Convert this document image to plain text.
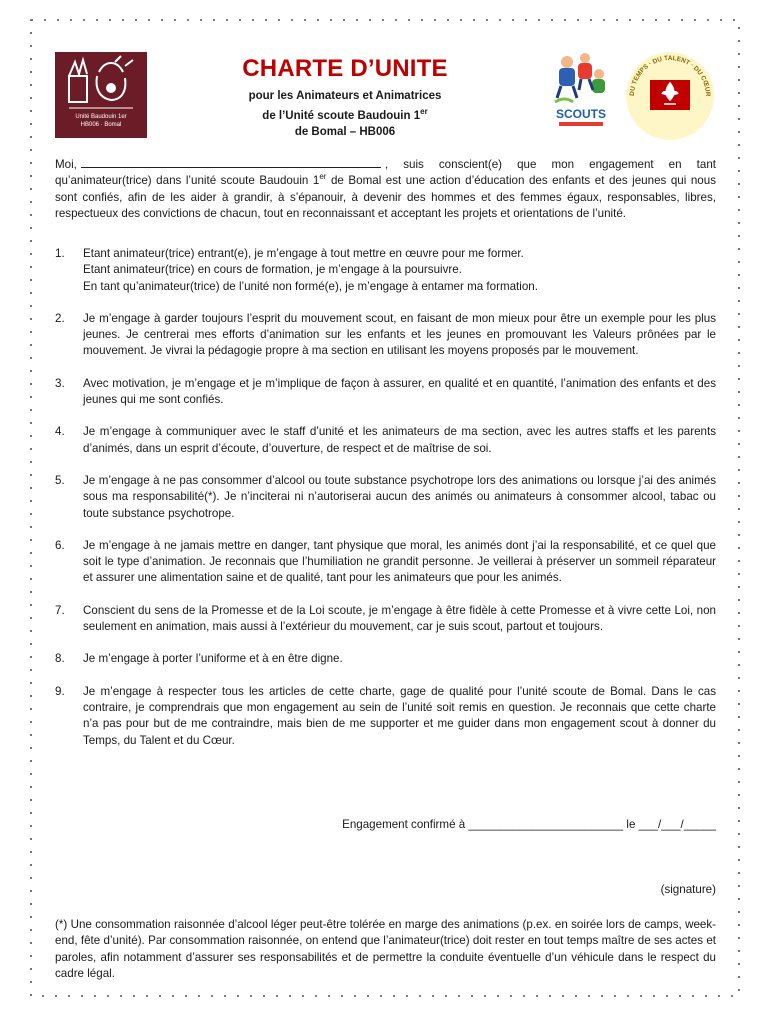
Unité Baudouin 1er
HB006 · Bomal
CHARTE D’UNITE
pour les Animateurs et Animatrices
de l’Unité scoute Baudouin 1er
de Bomal – HB006
SCOUTS
DU TEMPS · DU TALENT · DU CŒUR
Moi,	, suis conscient(e) que mon engagement en tant qu’animateur(trice) dans l’unité scoute Baudouin 1er de Bomal est une action d’éducation des enfants et des jeunes qui nous sont confiés, afin de les aider à grandir, à s’épanouir, à devenir des hommes et des femmes égaux, responsables, libres, respectueux des convictions de chacun, tout en reconnaissant et acceptant les projets et orientations de l’unité.
1. Etant animateur(trice) entrant(e), je m’engage à tout mettre en œuvre pour me former.
Etant animateur(trice) en cours de formation, je m’engage à la poursuivre.
En tant qu’animateur(trice) de l’unité non formé(e), je m’engage à entamer ma formation.
2. Je m’engage à garder toujours l’esprit du mouvement scout, en faisant de mon mieux pour être un exemple pour les plus jeunes. Je centrerai mes efforts d’animation sur les enfants et les jeunes en promouvant les Valeurs prônées par le mouvement. Je vivrai la pédagogie propre à ma section en utilisant les moyens proposés par le mouvement.
3. Avec motivation, je m’engage et je m’implique de façon à assurer, en qualité et en quantité, l’animation des enfants et des jeunes qui me sont confiés.
4. Je m’engage à communiquer avec le staff d’unité et les animateurs de ma section, avec les autres staffs et les parents d’animés, dans un esprit d’écoute, d’ouverture, de respect et de maîtrise de soi.
5. Je m’engage à ne pas consommer d’alcool ou toute substance psychotrope lors des animations ou lorsque j’ai des animés sous ma responsabilité(*). Je n’inciterai ni n’autoriserai aucun des animés ou animateurs à consommer alcool, tabac ou toute substance psychotrope.
6. Je m’engage à ne jamais mettre en danger, tant physique que moral, les animés dont j’ai la responsabilité, et ce quel que soit le type d’animation. Je reconnais que l’humiliation ne grandit personne. Je veillerai à préserver un sommeil réparateur et assurer une alimentation saine et de qualité, tant pour les animateurs que pour les animés.
7. Conscient du sens de la Promesse et de la Loi scoute, je m’engage à être fidèle à cette Promesse et à vivre cette Loi, non seulement en animation, mais aussi à l’extérieur du mouvement, car je suis scout, partout et toujours.
8. Je m’engage à porter l’uniforme et à en être digne.
9. Je m’engage à respecter tous les articles de cette charte, gage de qualité pour l’unité scoute de Bomal. Dans le cas contraire, je comprendrais que mon engagement au sein de l’unité soit remis en question. Je reconnais que cette charte n’a pas pour but de me contraindre, mais bien de me supporter et me guider dans mon engagement scout à donner du Temps, du Talent et du Cœur.
Engagement confirmé à ________________________ le ___/___/_____
(signature)
(*) Une consommation raisonnée d’alcool léger peut-être tolérée en marge des animations (p.ex. en soirée lors de camps, week-end, fête d’unité). Par consommation raisonnée, on entend que l’animateur(trice) doit rester en tout temps maître de ses actes et paroles, afin notamment d’assurer ses responsabilités et de permettre la conduite éventuelle d’un véhicule dans le respect du cadre légal.
